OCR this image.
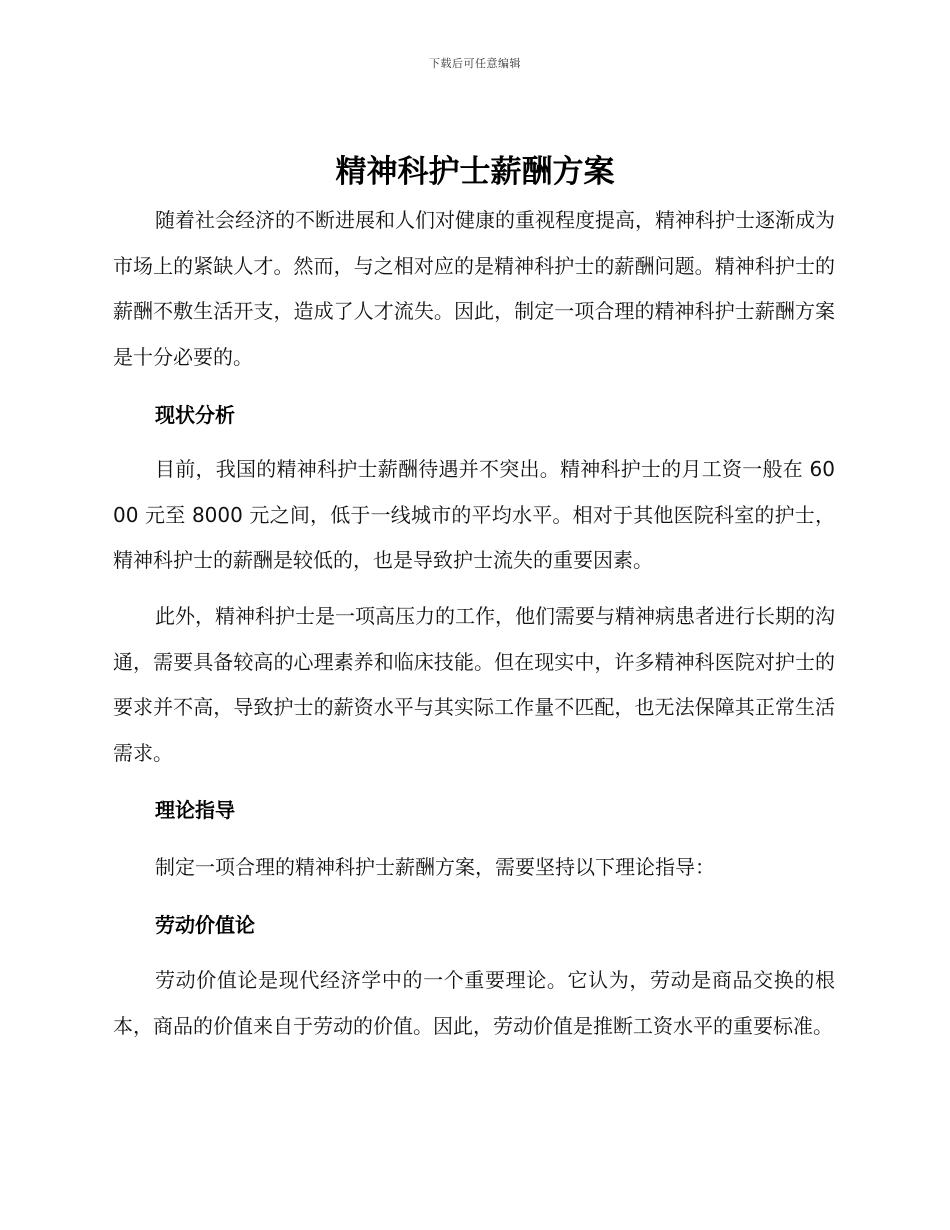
下载后可任意编辑
精神科护士薪酬方案

随着社会经济的不断进展和人们对健康的重视程度提高，精神科护士逐渐成为市场上的紧缺人才。然而，与之相对应的是精神科护士的薪酬问题。精神科护士的薪酬不敷生活开支，造成了人才流失。因此，制定一项合理的精神科护士薪酬方案是十分必要的。

现状分析

目前，我国的精神科护士薪酬待遇并不突出。精神科护士的月工资一般在 6000 元至 8000 元之间，低于一线城市的平均水平。相对于其他医院科室的护士，精神科护士的薪酬是较低的，也是导致护士流失的重要因素。

此外，精神科护士是一项高压力的工作，他们需要与精神病患者进行长期的沟通，需要具备较高的心理素养和临床技能。但在现实中，许多精神科医院对护士的要求并不高，导致护士的薪资水平与其实际工作量不匹配，也无法保障其正常生活需求。

理论指导

制定一项合理的精神科护士薪酬方案，需要坚持以下理论指导：

劳动价值论

劳动价值论是现代经济学中的一个重要理论。它认为，劳动是商品交换的根本，商品的价值来自于劳动的价值。因此，劳动价值是推断工资水平的重要标准。
